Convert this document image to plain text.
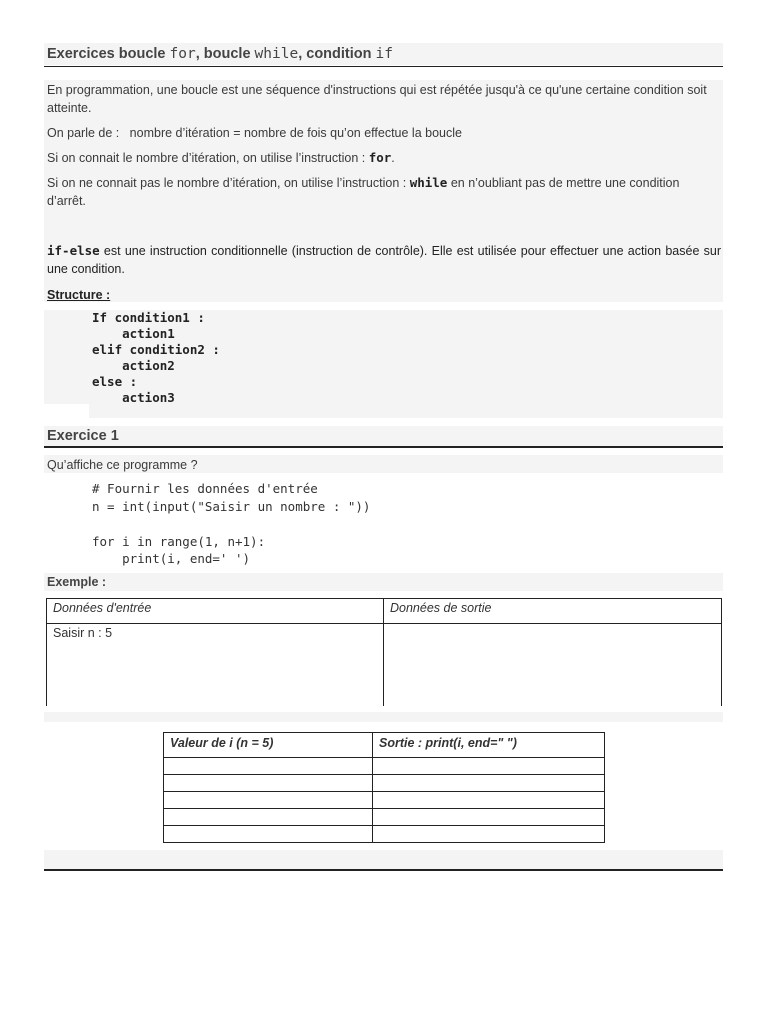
Exercices boucle for, boucle while, condition if
En programmation, une boucle est une séquence d'instructions qui est répétée jusqu'à ce qu'une certaine condition soit atteinte.
On parle de :   nombre d’itération = nombre de fois qu’on effectue la boucle
Si on connait le nombre d’itération, on utilise l’instruction : for.
Si on ne connait pas le nombre d’itération, on utilise l’instruction : while en n’oubliant pas de mettre une condition d’arrêt.
if-else est une instruction conditionnelle (instruction de contrôle). Elle est utilisée pour effectuer une action basée sur une condition.
Structure :
If condition1 :
action1
elif condition2 :
action2
else :
action3
Exercice 1
Qu’affiche ce programme ?
# Fournir les données d'entrée
n = int(input("Saisir un nombre : "))

for i in range(1, n+1):
print(i, end=' ')
Exemple :
Données d'entrée	Données de sortie
Saisir n : 5	
Valeur de i (n = 5)	Sortie : print(i, end=" ")
